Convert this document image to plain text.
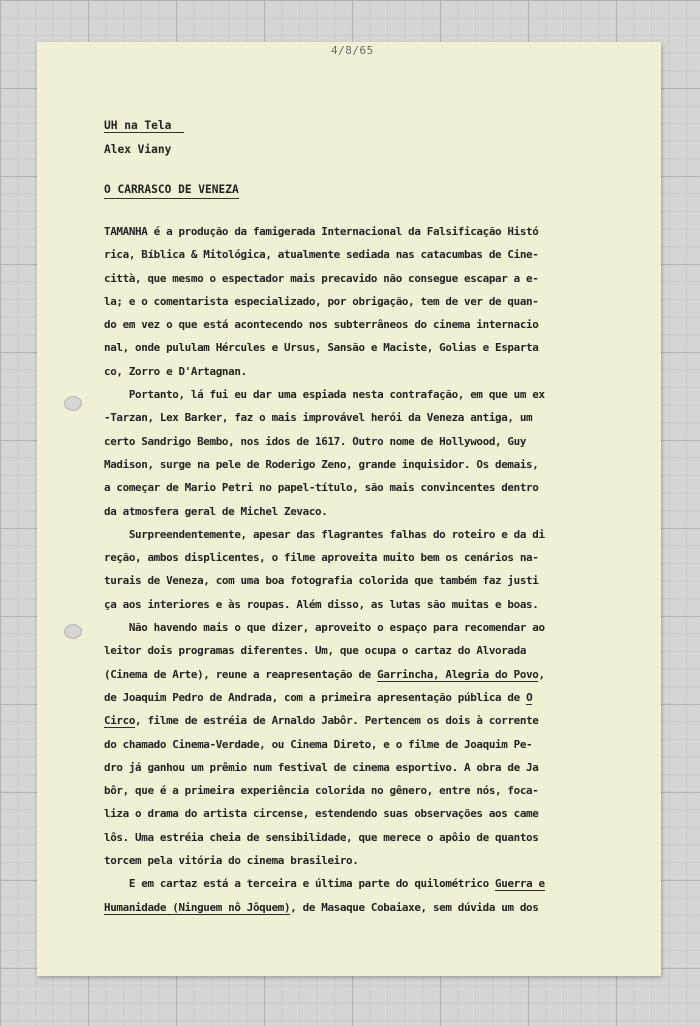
4/8/65
UH na Tela
Alex Viany
O CARRASCO DE VENEZA
TAMANHA é a produção da famigerada Internacional da Falsificação Histó
rica, Bíblica & Mitológica, atualmente sediada nas catacumbas de Cine-
città, que mesmo o espectador mais precavido não consegue escapar a e-
la; e o comentarista especializado, por obrigação, tem de ver de quan-
do em vez o que está acontecendo nos subterrâneos do cinema internacio
nal, onde pululam Hércules e Ursus, Sansão e Maciste, Golias e Esparta
co, Zorro e D'Artagnan.
Portanto, lá fui eu dar uma espiada nesta contrafação, em que um ex
-Tarzan, Lex Barker, faz o mais improvável herói da Veneza antiga, um
certo Sandrigo Bembo, nos idos de 1617. Outro nome de Hollywood, Guy
Madison, surge na pele de Roderigo Zeno, grande inquisidor. Os demais,
a começar de Mario Petri no papel-título, são mais convincentes dentro
da atmosfera geral de Michel Zevaco.
Surpreendentemente, apesar das flagrantes falhas do roteiro e da di
reção, ambos displicentes, o filme aproveita muito bem os cenários na-
turais de Veneza, com uma boa fotografia colorida que também faz justi
ça aos interiores e às roupas. Além disso, as lutas são muitas e boas.
Não havendo mais o que dizer, aproveito o espaço para recomendar ao
leitor dois programas diferentes. Um, que ocupa o cartaz do Alvorada
(Cinema de Arte), reune a reapresentação de Garrincha, Alegria do Povo,
de Joaquim Pedro de Andrada, com a primeira apresentação pública de O
Circo, filme de estréia de Arnaldo Jabôr. Pertencem os dois à corrente
do chamado Cinema-Verdade, ou Cinema Direto, e o filme de Joaquim Pe-
dro já ganhou um prêmio num festival de cinema esportivo. A obra de Ja
bôr, que é a primeira experiência colorida no gênero, entre nós, foca-
liza o drama do artista circense, estendendo suas observações aos came
lôs. Uma estréia cheia de sensibilidade, que merece o apôio de quantos
torcem pela vitória do cinema brasileiro.
E em cartaz está a terceira e última parte do quilométrico Guerra e
Humanidade (Ninguem nô Jôquem), de Masaque Cobaiaxe, sem dúvida um dos
